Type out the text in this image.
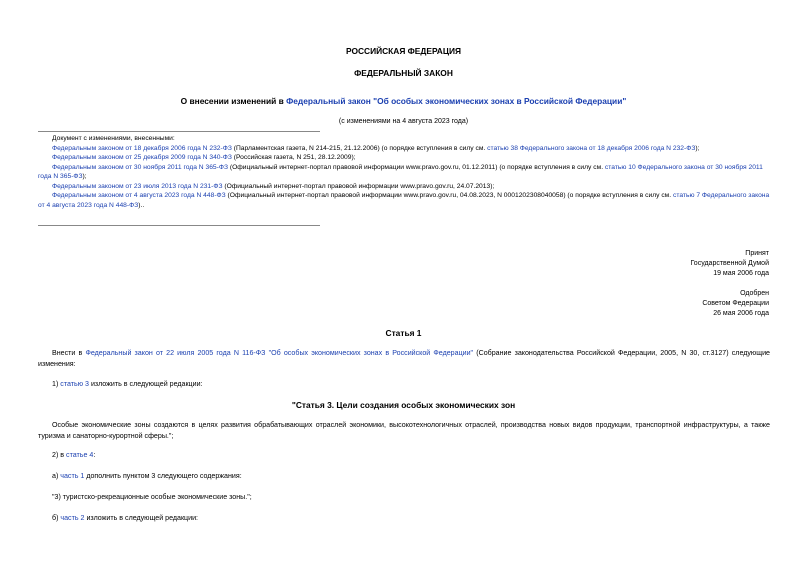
РОССИЙСКАЯ ФЕДЕРАЦИЯ
ФЕДЕРАЛЬНЫЙ ЗАКОН
О внесении изменений в Федеральный закон "Об особых экономических зонах в Российской Федерации"
(с изменениями на 4 августа 2023 года)

Документ с изменениями, внесенными:

Федеральным законом от 18 декабря 2006 года N 232-ФЗ (Парламентская газета, N 214-215, 21.12.2006) (о порядке вступления в силу см. статью 38 Федерального закона от 18 декабря 2006 года N 232-ФЗ);

Федеральным законом от 25 декабря 2009 года N 340-ФЗ (Российская газета, N 251, 28.12.2009);

Федеральным законом от 30 ноября 2011 года N 365-ФЗ (Официальный интернет-портал правовой информации www.pravo.gov.ru, 01.12.2011) (о порядке вступления в силу см. статью 10 Федерального закона от 30 ноября 2011 года N 365-ФЗ);

Федеральным законом от 23 июля 2013 года N 231-ФЗ (Официальный интернет-портал правовой информации www.pravo.gov.ru, 24.07.2013);

Федеральным законом от 4 августа 2023 года N 448-ФЗ (Официальный интернет-портал правовой информации www.pravo.gov.ru, 04.08.2023, N 0001202308040058) (о порядке вступления в силу см. статью 7 Федерального закона от 4 августа 2023 года N 448-ФЗ)..

Принят
Государственной Думой
19 мая 2006 года
Одобрен
Советом Федерации
26 мая 2006 года
Статья 1

Внести в Федеральный закон от 22 июля 2005 года N 116-ФЗ "Об особых экономических зонах в Российской Федерации" (Собрание законодательства Российской Федерации, 2005, N 30, ст.3127) следующие изменения:

1) статью 3 изложить в следующей редакции:

"Статья 3. Цели создания особых экономических зон

Особые экономические зоны создаются в целях развития обрабатывающих отраслей экономики, высокотехнологичных отраслей, производства новых видов продукции, транспортной инфраструктуры, а также туризма и санаторно-курортной сферы.";

2) в статье 4:

а) часть 1 дополнить пунктом 3 следующего содержания:

"3) туристско-рекреационные особые экономические зоны.";

б) часть 2 изложить в следующей редакции:
